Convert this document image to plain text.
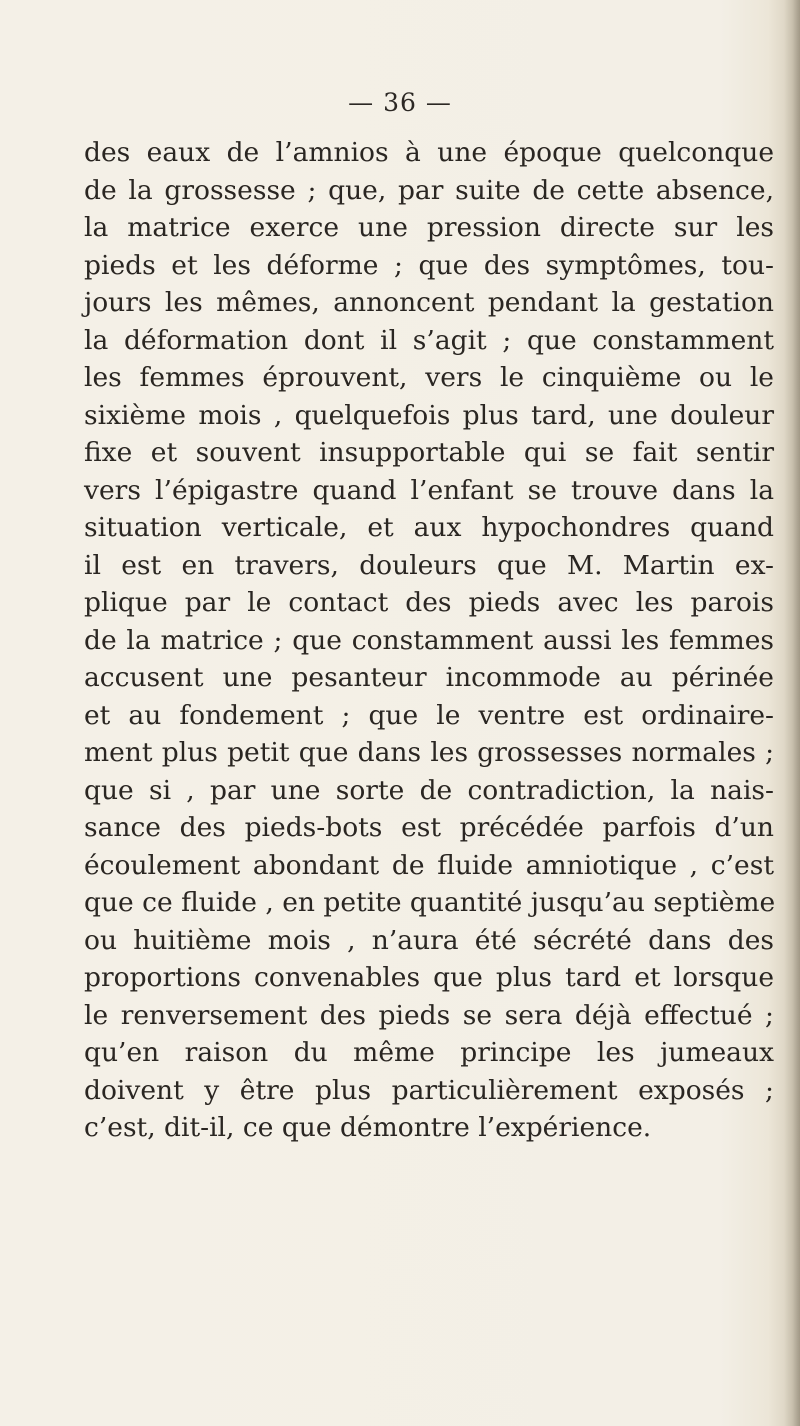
— 36 —

des eaux de l’amnios à une époque quelconque
de la grossesse ; que, par suite de cette absence,
la matrice exerce une pression directe sur les
pieds et les déforme ; que des symptômes, tou-
jours les mêmes, annoncent pendant la gestation
la déformation dont il s’agit ; que constamment
les femmes éprouvent, vers le cinquième ou le
sixième mois , quelquefois plus tard, une douleur
fixe et souvent insupportable qui se fait sentir
vers l’épigastre quand l’enfant se trouve dans la
situation verticale, et aux hypochondres quand
il est en travers, douleurs que M. Martin ex-
plique par le contact des pieds avec les parois
de la matrice ; que constamment aussi les femmes
accusent une pesanteur incommode au périnée
et au fondement ; que le ventre est ordinaire-
ment plus petit que dans les grossesses normales ;
que si , par une sorte de contradiction, la nais-
sance des pieds-bots est précédée parfois d’un
écoulement abondant de fluide amniotique , c’est
que ce fluide , en petite quantité jusqu’au septième
ou huitième mois , n’aura été sécrété dans des
proportions convenables que plus tard et lorsque
le renversement des pieds se sera déjà effectué ;
qu’en raison du même principe les jumeaux
doivent y être plus particulièrement exposés ;
c’est, dit-il, ce que démontre l’expérience.
